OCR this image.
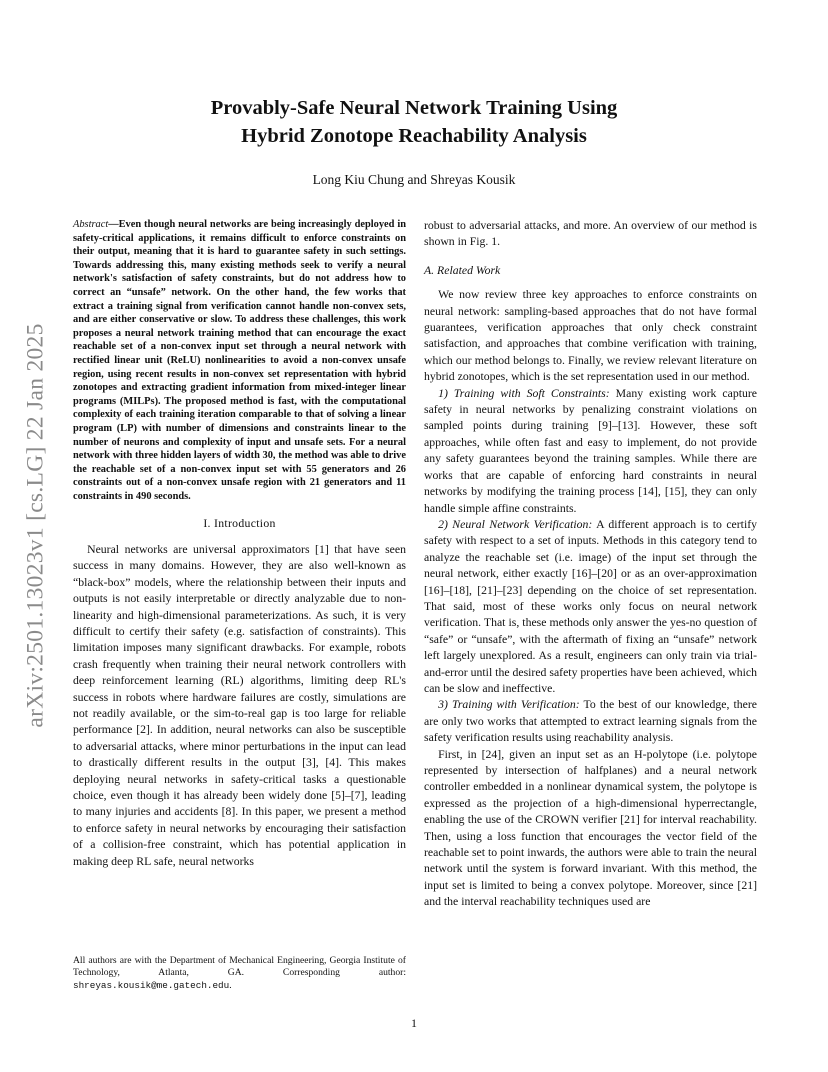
arXiv:2501.13023v1 [cs.LG] 22 Jan 2025
Provably-Safe Neural Network Training Using
Hybrid Zonotope Reachability Analysis
Long Kiu Chung and Shreyas Kousik
Abstract—Even though neural networks are being increasingly deployed in safety-critical applications, it remains difficult to enforce constraints on their output, meaning that it is hard to guarantee safety in such settings. Towards addressing this, many existing methods seek to verify a neural network's satisfaction of safety constraints, but do not address how to correct an “unsafe” network. On the other hand, the few works that extract a training signal from verification cannot handle non-convex sets, and are either conservative or slow. To address these challenges, this work proposes a neural network training method that can encourage the exact reachable set of a non-convex input set through a neural network with rectified linear unit (ReLU) nonlinearities to avoid a non-convex unsafe region, using recent results in non-convex set representation with hybrid zonotopes and extracting gradient information from mixed-integer linear programs (MILPs). The proposed method is fast, with the computational complexity of each training iteration comparable to that of solving a linear program (LP) with number of dimensions and constraints linear to the number of neurons and complexity of input and unsafe sets. For a neural network with three hidden layers of width 30, the method was able to drive the reachable set of a non-convex input set with 55 generators and 26 constraints out of a non-convex unsafe region with 21 generators and 11 constraints in 490 seconds.
I. Introduction

Neural networks are universal approximators [1] that have seen success in many domains. However, they are also well-known as “black-box” models, where the relationship between their inputs and outputs is not easily interpretable or directly analyzable due to non-linearity and high-dimensional parameterizations. As such, it is very difficult to certify their safety (e.g. satisfaction of constraints). This limitation imposes many significant drawbacks. For example, robots crash frequently when training their neural network controllers with deep reinforcement learning (RL) algorithms, limiting deep RL's success in robots where hardware failures are costly, simulations are not readily available, or the sim-to-real gap is too large for reliable performance [2]. In addition, neural networks can also be susceptible to adversarial attacks, where minor perturbations in the input can lead to drastically different results in the output [3], [4]. This makes deploying neural networks in safety-critical tasks a questionable choice, even though it has already been widely done [5]–[7], leading to many injuries and accidents [8]. In this paper, we present a method to enforce safety in neural networks by encouraging their satisfaction of a collision-free constraint, which has potential application in making deep RL safe, neural networks

All authors are with the Department of Mechanical Engineering, Georgia Institute of Technology, Atlanta, GA. Corresponding author: shreyas.kousik@me.gatech.edu.

robust to adversarial attacks, and more. An overview of our method is shown in Fig. 1.

A. Related Work

We now review three key approaches to enforce constraints on neural network: sampling-based approaches that do not have formal guarantees, verification approaches that only check constraint satisfaction, and approaches that combine verification with training, which our method belongs to. Finally, we review relevant literature on hybrid zonotopes, which is the set representation used in our method.

1) Training with Soft Constraints: Many existing work capture safety in neural networks by penalizing constraint violations on sampled points during training [9]–[13]. However, these soft approaches, while often fast and easy to implement, do not provide any safety guarantees beyond the training samples. While there are works that are capable of enforcing hard constraints in neural networks by modifying the training process [14], [15], they can only handle simple affine constraints.

2) Neural Network Verification: A different approach is to certify safety with respect to a set of inputs. Methods in this category tend to analyze the reachable set (i.e. image) of the input set through the neural network, either exactly [16]–[20] or as an over-approximation [16]–[18], [21]–[23] depending on the choice of set representation. That said, most of these works only focus on neural network verification. That is, these methods only answer the yes-no question of “safe” or “unsafe”, with the aftermath of fixing an “unsafe” network left largely unexplored. As a result, engineers can only train via trial-and-error until the desired safety properties have been achieved, which can be slow and ineffective.

3) Training with Verification: To the best of our knowledge, there are only two works that attempted to extract learning signals from the safety verification results using reachability analysis.

First, in [24], given an input set as an H-polytope (i.e. polytope represented by intersection of halfplanes) and a neural network controller embedded in a nonlinear dynamical system, the polytope is expressed as the projection of a high-dimensional hyperrectangle, enabling the use of the CROWN verifier [21] for interval reachability. Then, using a loss function that encourages the vector field of the reachable set to point inwards, the authors were able to train the neural network until the system is forward invariant. With this method, the input set is limited to being a convex polytope. Moreover, since [21] and the interval reachability techniques used are

1
